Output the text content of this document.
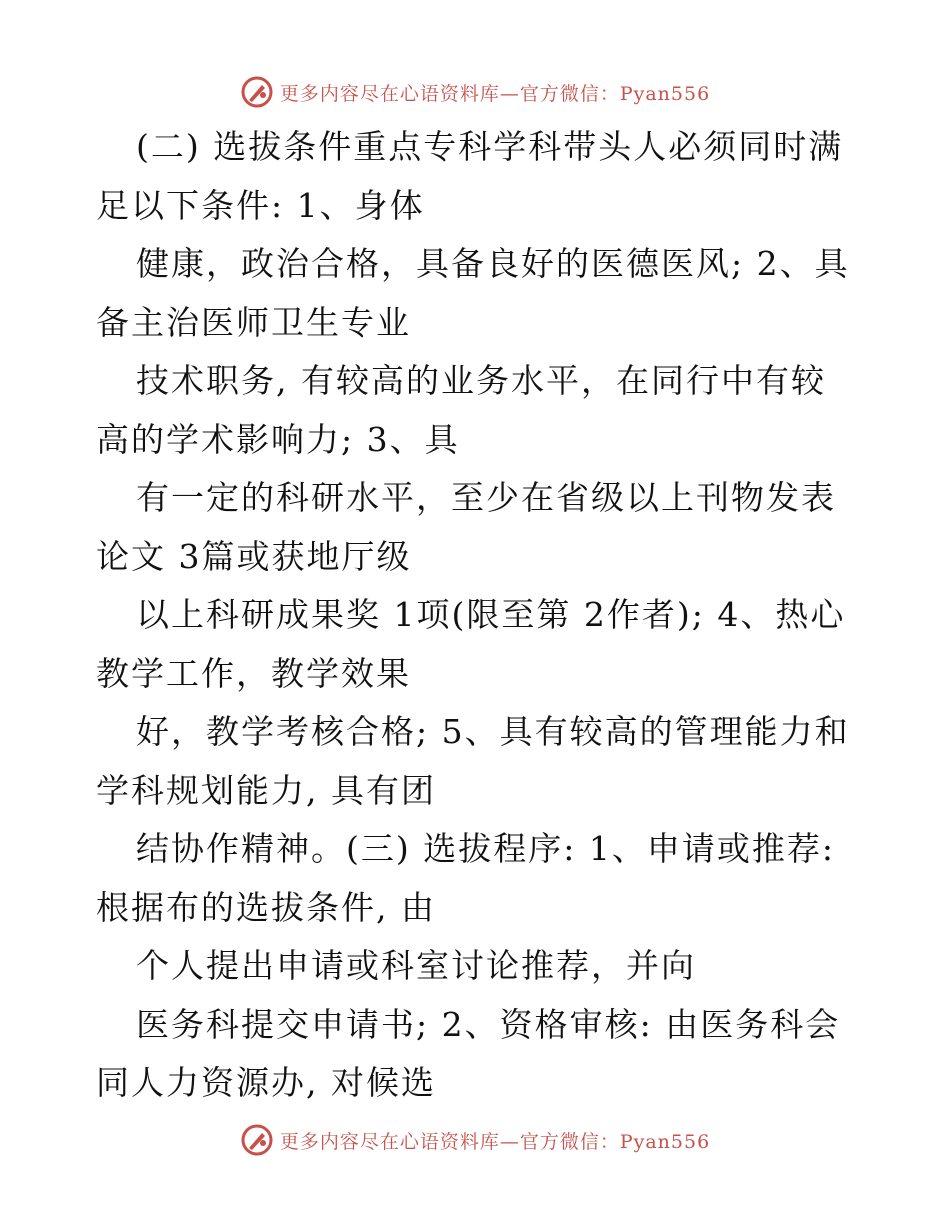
更多内容尽在心语资料库—官方微信：Pyan556

(二) 选拔条件重点专科学科带头人必须同时满足以下条件: 1、身体

健康，政治合格，具备良好的医德医风; 2、具备主治医师卫生专业

技术职务, 有较高的业务水平，在同行中有较高的学术影响力; 3、具

有一定的科研水平，至少在省级以上刊物发表论文 3篇或获地厅级

以上科研成果奖 1项(限至第 2作者); 4、热心教学工作，教学效果

好，教学考核合格; 5、具有较高的管理能力和学科规划能力, 具有团

结协作精神。(三) 选拔程序: 1、申请或推荐: 根据布的选拔条件, 由

个人提出申请或科室讨论推荐，并向

医务科提交申请书; 2、资格审核: 由医务科会同人力资源办, 对候选

更多内容尽在心语资料库—官方微信：Pyan556
